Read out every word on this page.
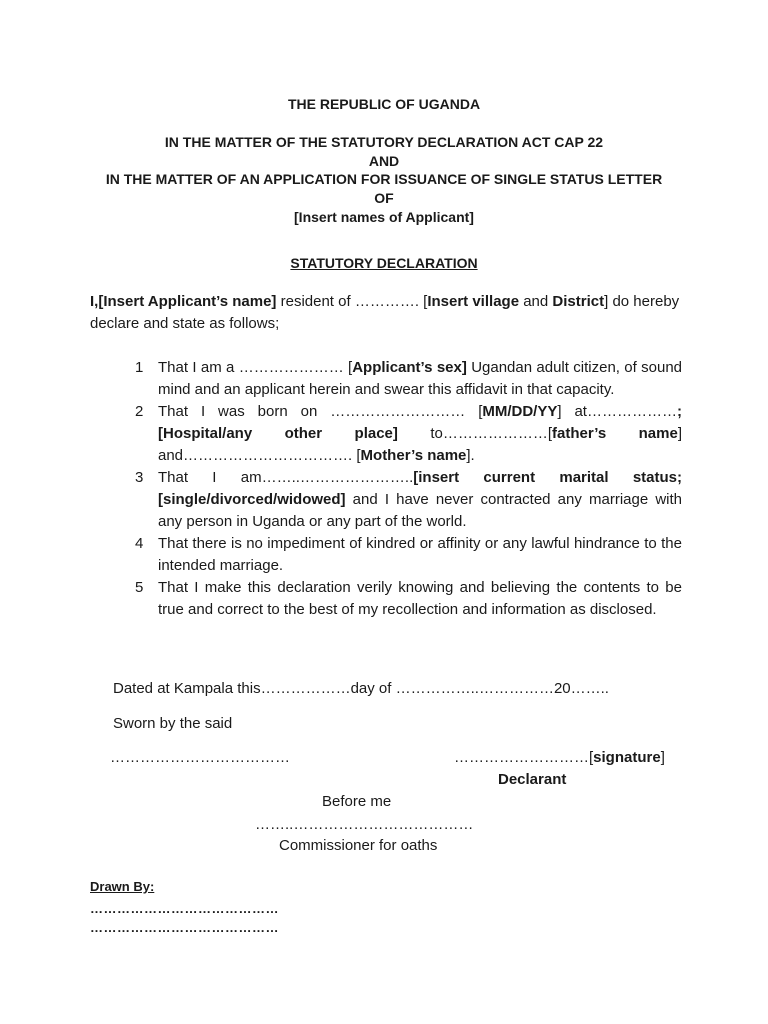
THE REPUBLIC OF UGANDA
IN THE MATTER OF THE STATUTORY DECLARATION ACT CAP 22
AND
IN THE MATTER OF AN APPLICATION FOR ISSUANCE OF SINGLE STATUS LETTER
OF
[Insert names of Applicant]
STATUTORY DECLARATION
I,[Insert Applicant’s name] resident of …………. [Insert village and District] do hereby declare and state as follows;
1 That I am a ………………… [Applicant’s sex] Ugandan adult citizen, of sound mind and an applicant herein and swear this affidavit in that capacity.
2 That I was born on ……………………… [MM/DD/YY] at………………; [Hospital/any other place] to…………………[father’s name] and……………………………. [Mother’s name].
3 That I am……..…………………..[insert current marital status; [single/divorced/widowed] and I have never contracted any marriage with any person in Uganda or any part of the world.
4 That there is no impediment of kindred or affinity or any lawful hindrance to the intended marriage.
5 That I make this declaration verily knowing and believing the contents to be true and correct to the best of my recollection and information as disclosed.
Dated at Kampala this………………day of ……………..……………20……..
Sworn by the said
………………………………	………………………[signature]
Declarant
Before me
……..………………………………
Commissioner for oaths
Drawn By:
……………………………………
……………………………………
